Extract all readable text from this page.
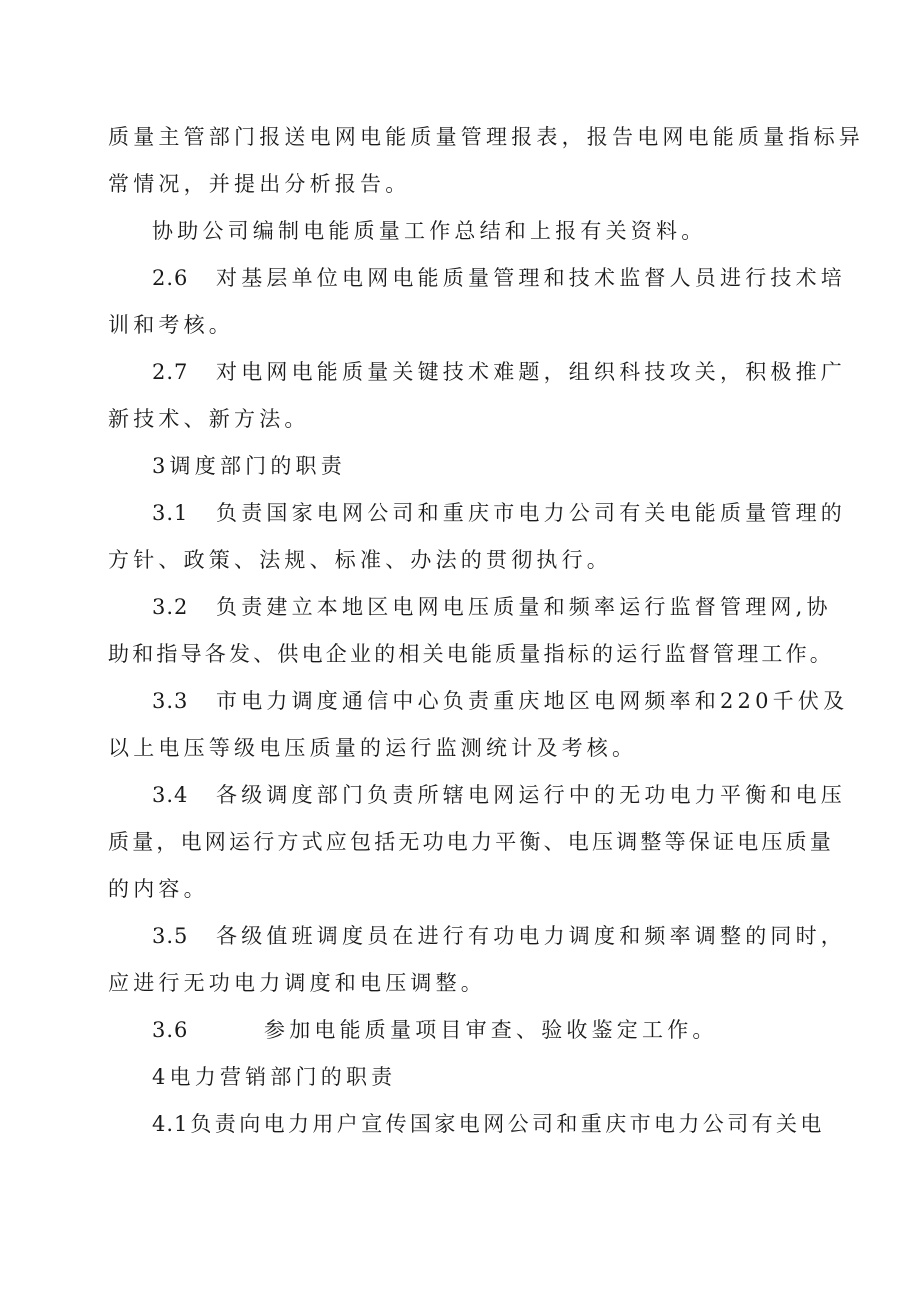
质量主管部门报送电网电能质量管理报表，报告电网电能质量指标异

常情况，并提出分析报告。

协助公司编制电能质量工作总结和上报有关资料。

2.6 对基层单位电网电能质量管理和技术监督人员进行技术培

训和考核。

2.7 对电网电能质量关键技术难题，组织科技攻关，积极推广

新技术、新方法。

3调度部门的职责

3.1 负责国家电网公司和重庆市电力公司有关电能质量管理的

方针、政策、法规、标准、办法的贯彻执行。

3.2 负责建立本地区电网电压质量和频率运行监督管理网,协

助和指导各发、供电企业的相关电能质量指标的运行监督管理工作。

3.3 市电力调度通信中心负责重庆地区电网频率和220千伏及

以上电压等级电压质量的运行监测统计及考核。

3.4 各级调度部门负责所辖电网运行中的无功电力平衡和电压

质量，电网运行方式应包括无功电力平衡、电压调整等保证电压质量

的内容。

3.5 各级值班调度员在进行有功电力调度和频率调整的同时，

应进行无功电力调度和电压调整。

3.6	参加电能质量项目审查、验收鉴定工作。

4电力营销部门的职责

4.1负责向电力用户宣传国家电网公司和重庆市电力公司有关电
